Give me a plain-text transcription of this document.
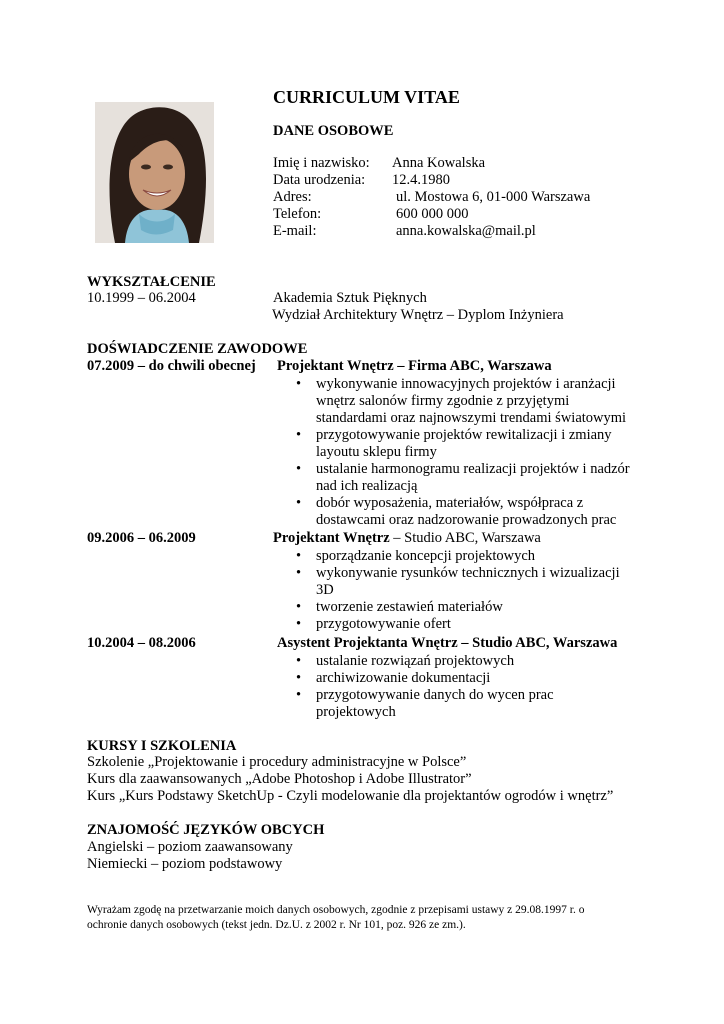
CURRICULUM VITAE
DANE OSOBOWE
Imię i nazwisko: Anna Kowalska
Data urodzenia: 12.4.1980
Adres:	ul. Mostowa 6, 01-000 Warszawa
Telefon:	600 000 000
E-mail:	anna.kowalska@mail.pl
WYKSZTAŁCENIE
10.1999 – 06.2004	Akademia Sztuk Pięknych
Wydział Architektury Wnętrz – Dyplom Inżyniera
DOŚWIADCZENIE ZAWODOWE
07.2009 – do chwili obecnej Projektant Wnętrz – Firma ABC, Warszawa
• wykonywanie innowacyjnych projektów i aranżacji wnętrz salonów firmy zgodnie z przyjętymi standardami oraz najnowszymi trendami światowymi
• przygotowywanie projektów rewitalizacji i zmiany layoutu sklepu firmy
• ustalanie harmonogramu realizacji projektów i nadzór nad ich realizacją
• dobór wyposażenia, materiałów, współpraca z dostawcami oraz nadzorowanie prowadzonych prac
09.2006 – 06.2009	Projektant Wnętrz – Studio ABC, Warszawa
• sporządzanie koncepcji projektowych
• wykonywanie rysunków technicznych i wizualizacji 3D
• tworzenie zestawień materiałów
• przygotowywanie ofert
10.2004 – 08.2006	Asystent Projektanta Wnętrz – Studio ABC, Warszawa
• ustalanie rozwiązań projektowych
• archiwizowanie dokumentacji
• przygotowywanie danych do wycen prac projektowych
KURSY I SZKOLENIA
Szkolenie „Projektowanie i procedury administracyjne w Polsce”
Kurs dla zaawansowanych „Adobe Photoshop i Adobe Illustrator”
Kurs „Kurs Podstawy SketchUp - Czyli modelowanie dla projektantów ogrodów i wnętrz”
ZNAJOMOŚĆ JĘZYKÓW OBCYCH
Angielski – poziom zaawansowany
Niemiecki – poziom podstawowy
Wyrażam zgodę na przetwarzanie moich danych osobowych, zgodnie z przepisami ustawy z 29.08.1997 r. o
ochronie danych osobowych (tekst jedn. Dz.U. z 2002 r. Nr 101, poz. 926 ze zm.).
